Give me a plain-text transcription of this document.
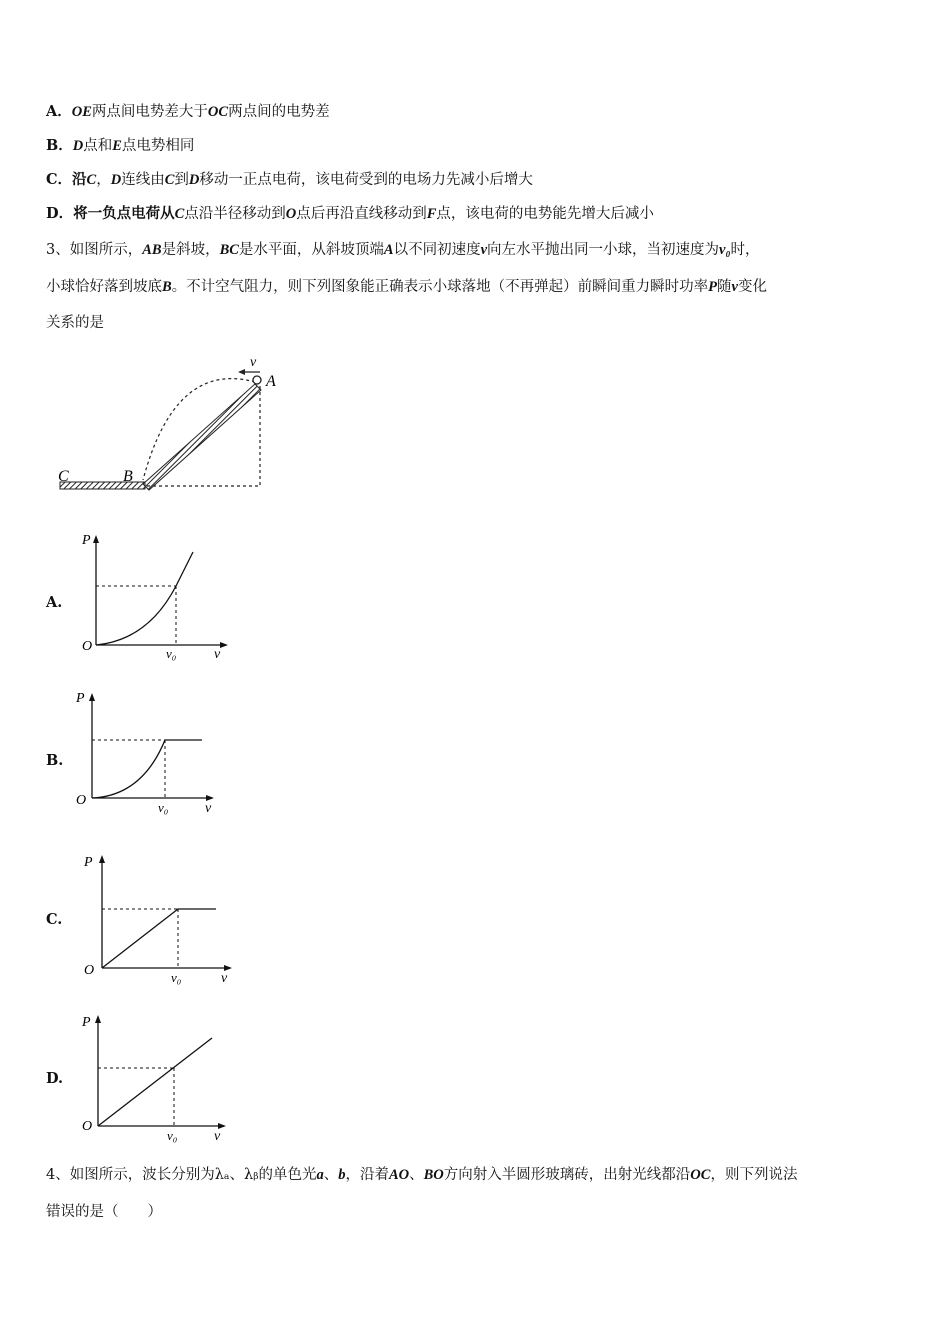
A．OE两点间电势差大于OC两点间的电势差
B．D点和E点电势相同
C．沿C，D连线由C到D移动一正点电荷，该电荷受到的电场力先减小后增大
D．将一负点电荷从C点沿半径移动到O点后再沿直线移动到F点，该电荷的电势能先增大后减小
3、如图所示，AB是斜坡，BC是水平面，从斜坡顶端A以不同初速度v向左水平抛出同一小球，当初速度为v₀时，
小球恰好落到坡底B。不计空气阻力，则下列图象能正确表示小球落地（不再弹起）前瞬间重力瞬时功率P随v变化
关系的是
v
A
B
C
A.
P
O	v₀	v
B.
P
O	v₀	v
C.
P
O	v₀	v
D.
P
O
v₀	v
4、如图所示，波长分别为λₐ、λᵦ的单色光a、b，沿着AO、BO方向射入半圆形玻璃砖，出射光线都沿OC，则下列说法
错误的是（　　）
